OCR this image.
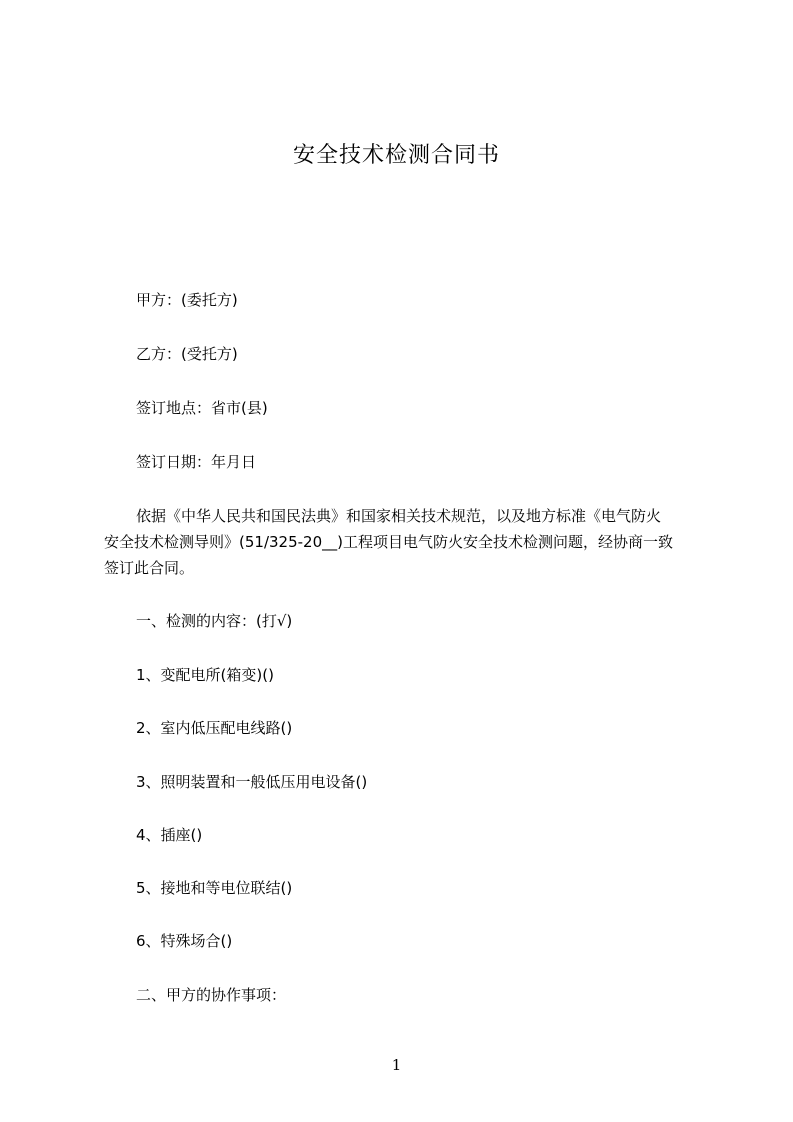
安全技术检测合同书
甲方：(委托方)
乙方：(受托方)
签订地点：省市(县)
签订日期：年月日
依据《中华人民共和国民法典》和国家相关技术规范，以及地方标准《电气防火
安全技术检测导则》(51/325-20__)工程项目电气防火安全技术检测问题，经协商一致
签订此合同。
一、检测的内容：(打√)
1、变配电所(箱变)()
2、室内低压配电线路()
3、照明装置和一般低压用电设备()
4、插座()
5、接地和等电位联结()
6、特殊场合()
二、甲方的协作事项：
1
